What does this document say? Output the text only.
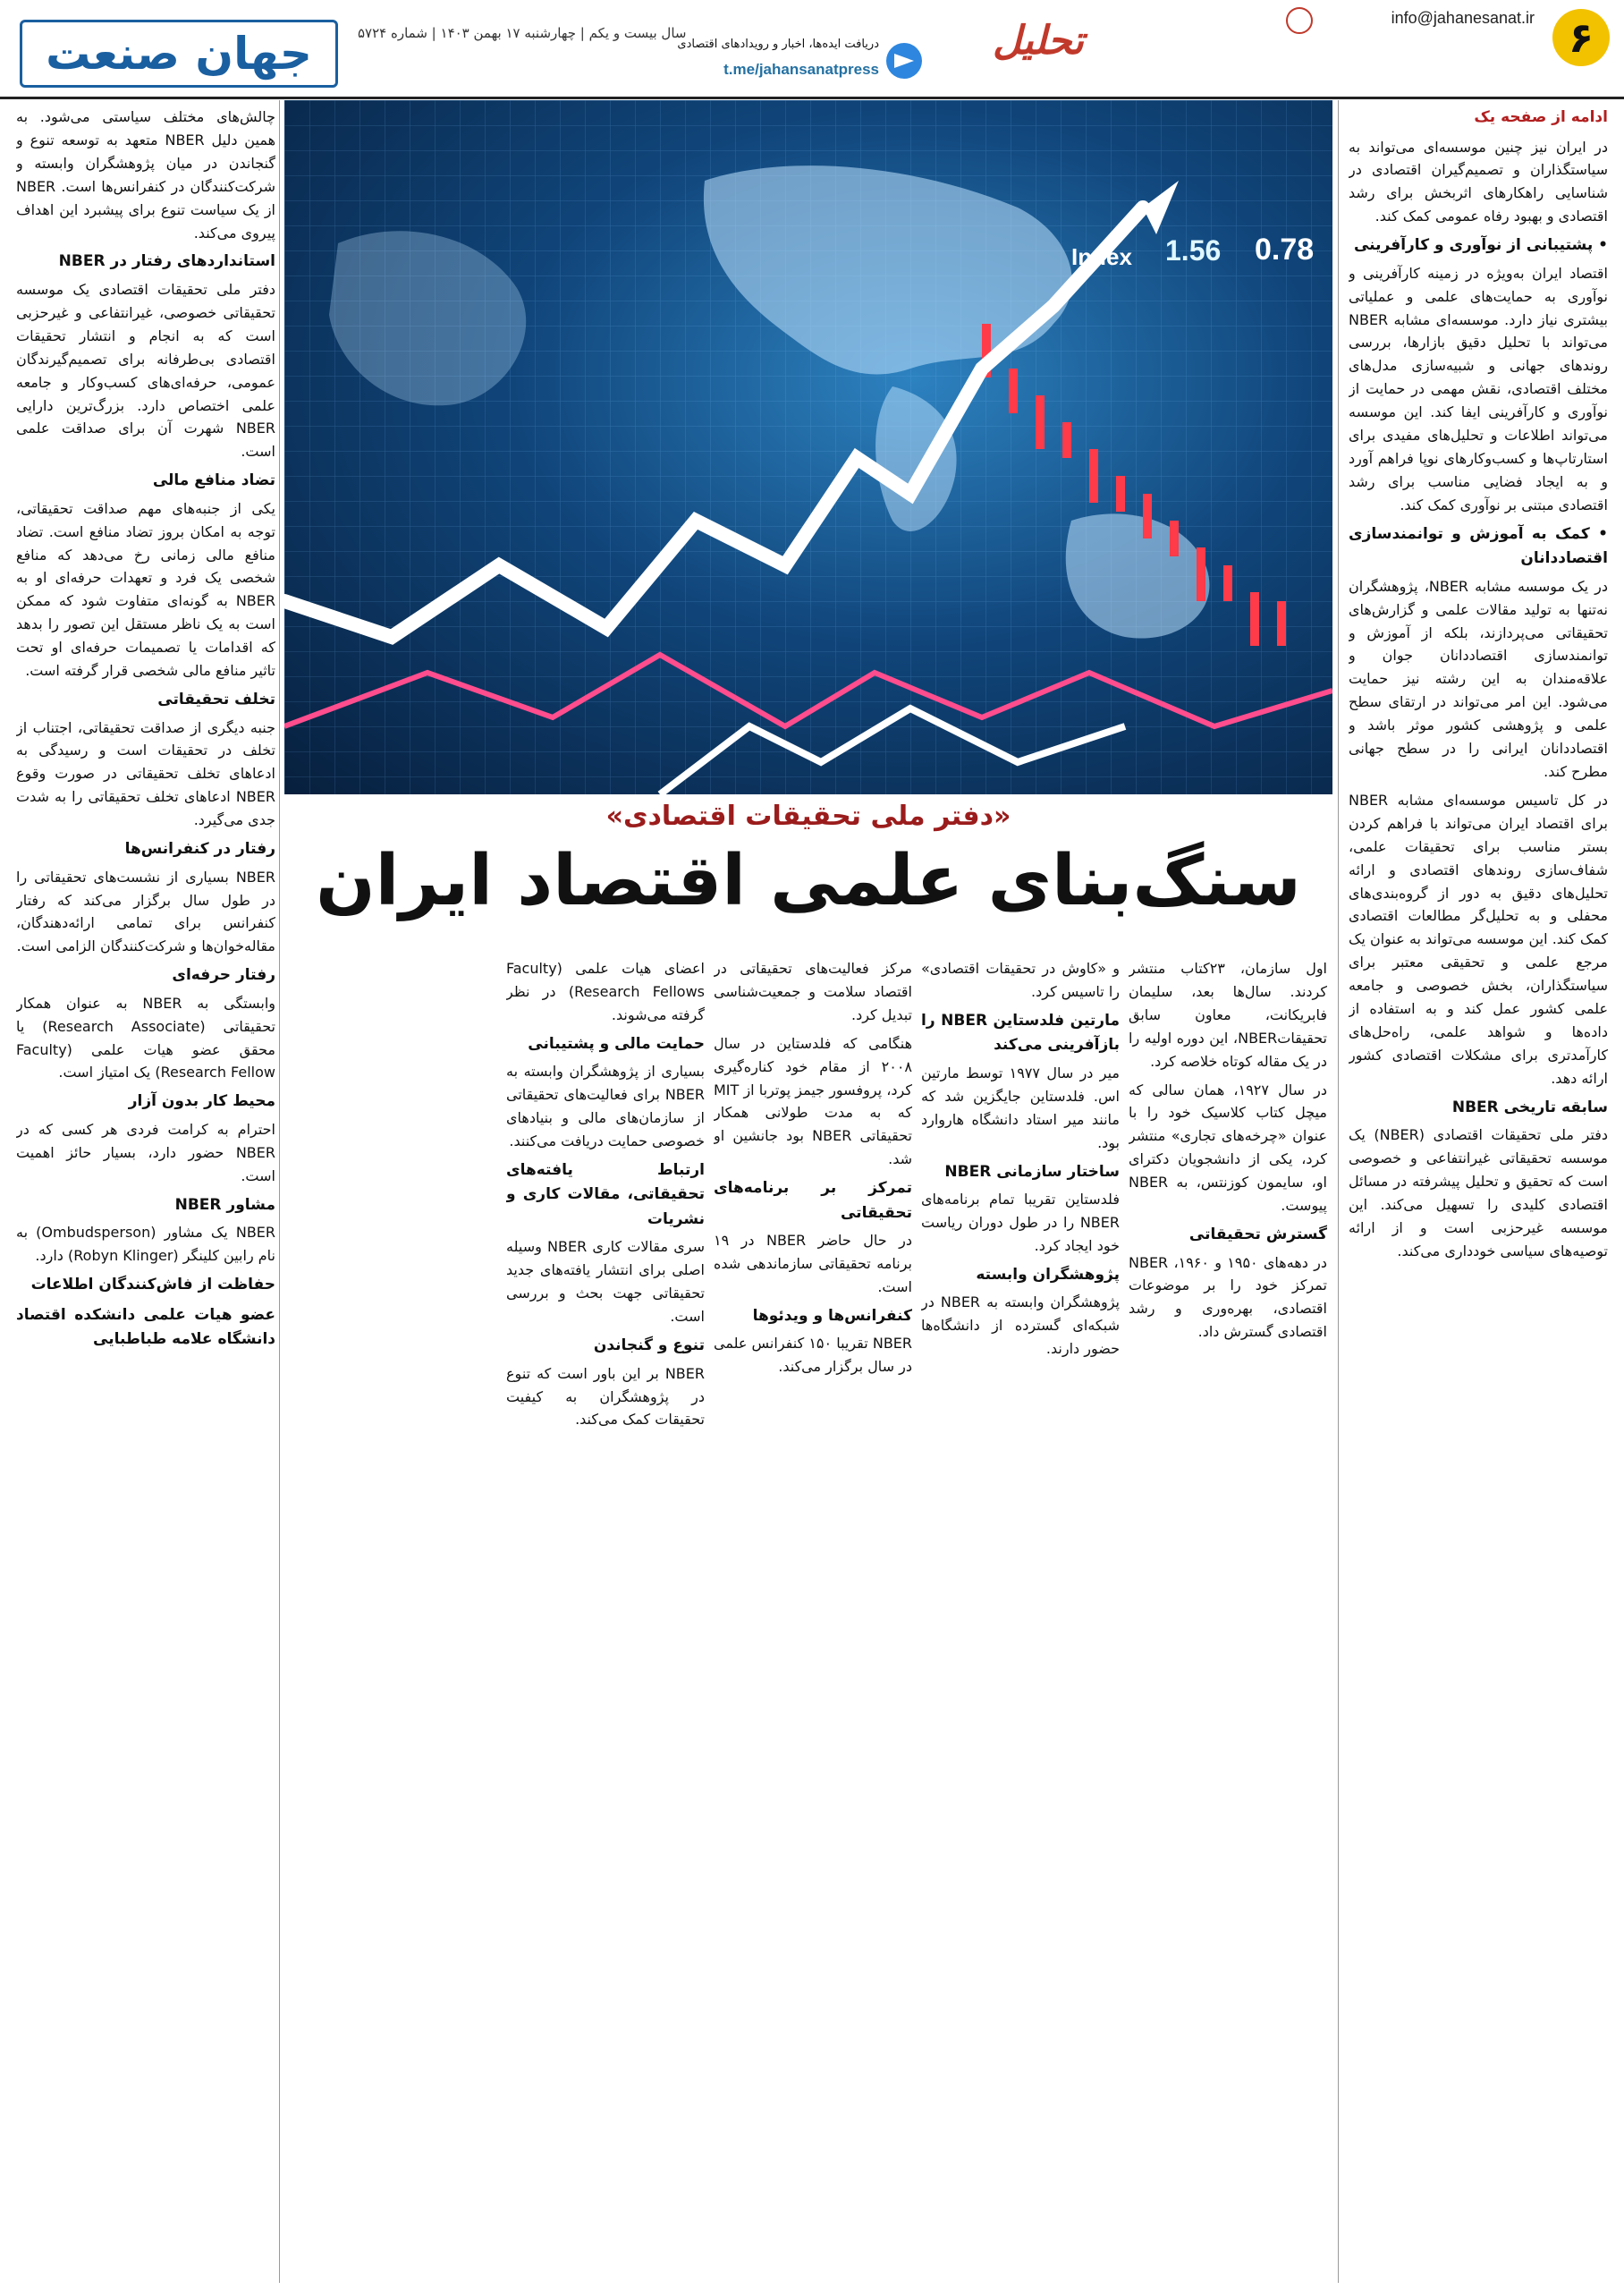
۶
info@jahanesanat.ir
تحلیل
دریافت ایده‌ها، اخبار و رویدادهای اقتصادی
t.me/jahansanatpress
سال بیست و یکم | چهارشنبه ۱۷ بهمن ۱۴۰۳ | شماره ۵۷۲۴
جهان صنعت
Index 1.56 0.78
«دفتر ملی تحقیقات اقتصادی»
سنگ‌بنای علمی اقتصاد ایران

ادامه از صفحه یک

در ایران نیز چنین موسسه‌ای می‌تواند به سیاستگذاران و تصمیم‌گیران اقتصادی در شناسایی راهکارهای اثربخش برای رشد اقتصادی و بهبود رفاه عمومی کمک کند.

• پشتیبانی از نوآوری و کارآفرینی

اقتصاد ایران به‌ویژه در زمینه کارآفرینی و نوآوری به حمایت‌های علمی و عملیاتی بیشتری نیاز دارد. موسسه‌ای مشابه NBER می‌تواند با تحلیل دقیق بازارها، بررسی روندهای جهانی و شبیه‌سازی مدل‌های مختلف اقتصادی، نقش مهمی در حمایت از نوآوری و کارآفرینی ایفا کند. این موسسه می‌تواند اطلاعات و تحلیل‌های مفیدی برای استارتاپ‌ها و کسب‌وکارهای نوپا فراهم آورد و به ایجاد فضایی مناسب برای رشد اقتصادی مبتنی بر نوآوری کمک کند.

• کمک به آموزش و توانمندسازی اقتصاددانان

در یک موسسه مشابه NBER، پژوهشگران نه‌تنها به تولید مقالات علمی و گزارش‌های تحقیقاتی می‌پردازند، بلکه از آموزش و توانمندسازی اقتصاددانان جوان و علاقه‌مندان به این رشته نیز حمایت می‌شود. این امر می‌تواند در ارتقای سطح علمی و پژوهشی کشور موثر باشد و اقتصاددانان ایرانی را در سطح جهانی مطرح کند.

در کل تاسیس موسسه‌ای مشابه NBER برای اقتصاد ایران می‌تواند با فراهم کردن بستر مناسب برای تحقیقات علمی، شفاف‌سازی روندهای اقتصادی و ارائه تحلیل‌های دقیق به دور از گروه‌بندی‌های محفلی و به تحلیل‌گر مطالعات اقتصادی کمک کند. این موسسه می‌تواند به عنوان یک مرجع علمی و تحقیقی معتبر برای سیاستگذاران، بخش خصوصی و جامعه علمی کشور عمل کند و به استفاده از داده‌ها و شواهد علمی، راه‌حل‌های کارآمدتری برای مشکلات اقتصادی کشور ارائه دهد.

سابقه تاریخی NBER

دفتر ملی تحقیقات اقتصادی (NBER) یک موسسه تحقیقاتی غیرانتفاعی و خصوصی است که تحقیق و تحلیل پیشرفته در مسائل اقتصادی کلیدی را تسهیل می‌کند. این موسسه غیرحزبی است و از ارائه توصیه‌های سیاسی خودداری می‌کند.

چالش‌های مختلف سیاستی می‌شود. به همین دلیل NBER متعهد به توسعه تنوع و گنجاندن در میان پژوهشگران وابسته و شرکت‌کنندگان در کنفرانس‌ها است. NBER از یک سیاست تنوع برای پیشبرد این اهداف پیروی می‌کند.

استانداردهای رفتار در NBER

دفتر ملی تحقیقات اقتصادی یک موسسه تحقیقاتی خصوصی، غیرانتفاعی و غیرحزبی است که به انجام و انتشار تحقیقات اقتصادی بی‌طرفانه برای تصمیم‌گیرندگان عمومی، حرفه‌ای‌های کسب‌وکار و جامعه علمی اختصاص دارد. بزرگ‌ترین دارایی NBER شهرت آن برای صداقت علمی است.

تضاد منافع مالی

یکی از جنبه‌های مهم صداقت تحقیقاتی، توجه به امکان بروز تضاد منافع است. تضاد منافع مالی زمانی رخ می‌دهد که منافع شخصی یک فرد و تعهدات حرفه‌ای او به NBER به گونه‌ای متفاوت شود که ممکن است به یک ناظر مستقل این تصور را بدهد که اقدامات یا تصمیمات حرفه‌ای او تحت تاثیر منافع مالی شخصی قرار گرفته است.

تخلف تحقیقاتی

جنبه دیگری از صداقت تحقیقاتی، اجتناب از تخلف در تحقیقات است و رسیدگی به ادعاهای تخلف تحقیقاتی در صورت وقوع NBER ادعاهای تخلف تحقیقاتی را به شدت جدی می‌گیرد.

رفتار در کنفرانس‌ها

NBER بسیاری از نشست‌های تحقیقاتی را در طول سال برگزار می‌کند که رفتار کنفرانس برای تمامی ارائه‌دهندگان، مقاله‌خوان‌ها و شرکت‌کنندگان الزامی است.

رفتار حرفه‌ای

وابستگی به NBER به عنوان همکار تحقیقاتی (Research Associate) یا محقق عضو هیات علمی (Faculty Research Fellow) یک امتیاز است.

محیط کار بدون آزار

احترام به کرامت فردی هر کسی که در NBER حضور دارد، بسیار حائز اهمیت است.

مشاور NBER

NBER یک مشاور (Ombudsperson) به نام رابین کلینگر (Robyn Klinger) دارد.

حفاظت از فاش‌کنندگان اطلاعات

عضو هیات علمی دانشکده اقتصاد دانشگاه علامه طباطبایی

اول سازمان، ۲۳کتاب منتشر کردند. سال‌ها بعد، سلیمان فابریکانت، معاون سابق تحقیقاتNBER، این دوره اولیه را در یک مقاله کوتاه خلاصه کرد.

در سال ۱۹۲۷، همان سالی که میچل کتاب کلاسیک خود را با عنوان «چرخه‌های تجاری» منتشر کرد، یکی از دانشجویان دکترای او، سایمون کوزنتس، به NBER پیوست.

گسترش تحقیقاتی

در دهه‌های ۱۹۵۰ و ۱۹۶۰، NBER تمرکز خود را بر موضوعات اقتصادی، بهره‌وری و رشد اقتصادی گسترش داد.

و «کاوش در تحقیقات اقتصادی» را تاسیس کرد.

مارتین فلدستاین NBER را بازآفرینی می‌کند

میر در سال ۱۹۷۷ توسط مارتین اس. فلدستاین جایگزین شد که مانند میر استاد دانشگاه هاروارد بود.

ساختار سازمانی NBER

فلدستاین تقریبا تمام برنامه‌های NBER را در طول دوران ریاست خود ایجاد کرد.

پژوهشگران وابسته

پژوهشگران وابسته به NBER در شبکه‌ای گسترده از دانشگاه‌ها حضور دارند.

مرکز فعالیت‌های تحقیقاتی در اقتصاد سلامت و جمعیت‌شناسی تبدیل کرد.

هنگامی که فلدستاین در سال ۲۰۰۸ از مقام خود کناره‌گیری کرد، پروفسور جیمز پوتربا از MIT که به مدت طولانی همکار تحقیقاتی NBER بود جانشین او شد.

تمرکز بر برنامه‌های تحقیقاتی

در حال حاضر NBER در ۱۹ برنامه تحقیقاتی سازماندهی شده است.

کنفرانس‌ها و ویدئوها

NBER تقریبا ۱۵۰ کنفرانس علمی در سال برگزار می‌کند.

اعضای هیات علمی (Faculty Research Fellows) در نظر گرفته می‌شوند.

حمایت مالی و پشتیبانی

بسیاری از پژوهشگران وابسته به NBER برای فعالیت‌های تحقیقاتی از سازمان‌های مالی و بنیادهای خصوصی حمایت دریافت می‌کنند.

ارتباط یافته‌های تحقیقاتی، مقالات کاری و نشریات

سری مقالات کاری NBER وسیله اصلی برای انتشار یافته‌های جدید تحقیقاتی جهت بحث و بررسی است.

تنوع و گنجاندن

NBER بر این باور است که تنوع در پژوهشگران به کیفیت تحقیقات کمک می‌کند.
